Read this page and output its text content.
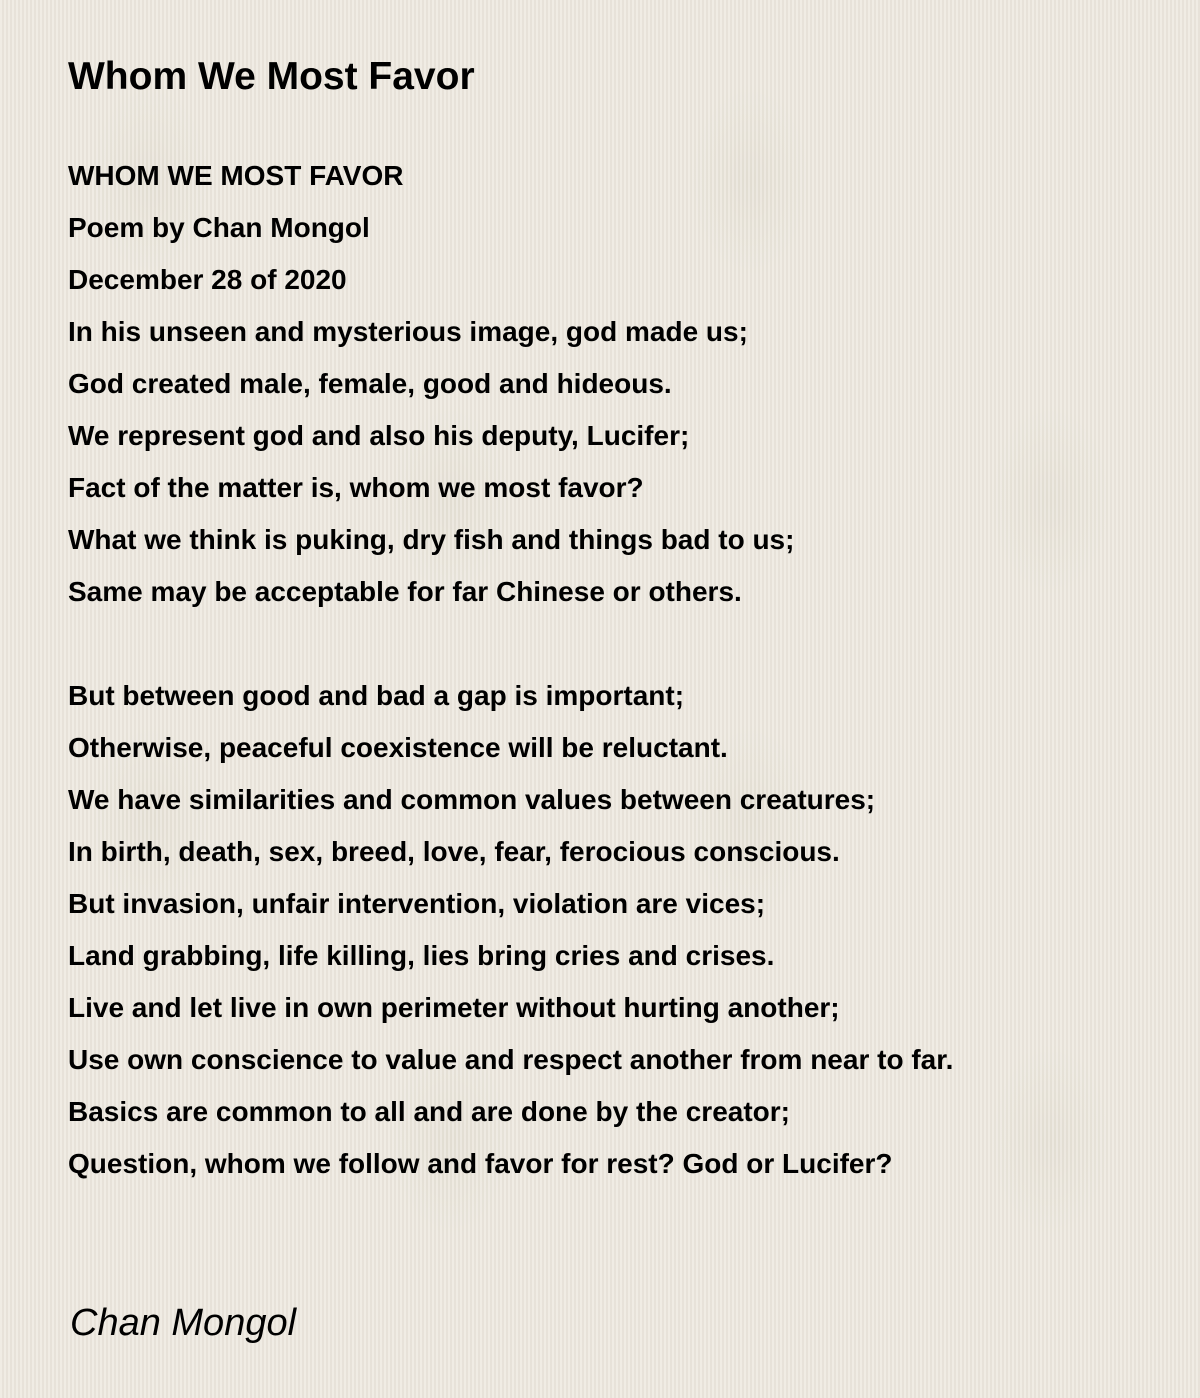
Whom We Most Favor
WHOM WE MOST FAVOR
Poem by Chan Mongol
December 28 of 2020
In his unseen and mysterious image, god made us;
God created male, female, good and hideous.
We represent god and also his deputy, Lucifer;
Fact of the matter is, whom we most favor?
What we think is puking, dry fish and things bad to us;
Same may be acceptable for far Chinese or others.
But between good and bad a gap is important;
Otherwise, peaceful coexistence will be reluctant.
We have similarities and common values between creatures;
In birth, death, sex, breed, love, fear, ferocious conscious.
But invasion, unfair intervention, violation are vices;
Land grabbing, life killing, lies bring cries and crises.
Live and let live in own perimeter without hurting another;
Use own conscience to value and respect another from near to far.
Basics are common to all and are done by the creator;
Question, whom we follow and favor for rest? God or Lucifer?
Chan Mongol
